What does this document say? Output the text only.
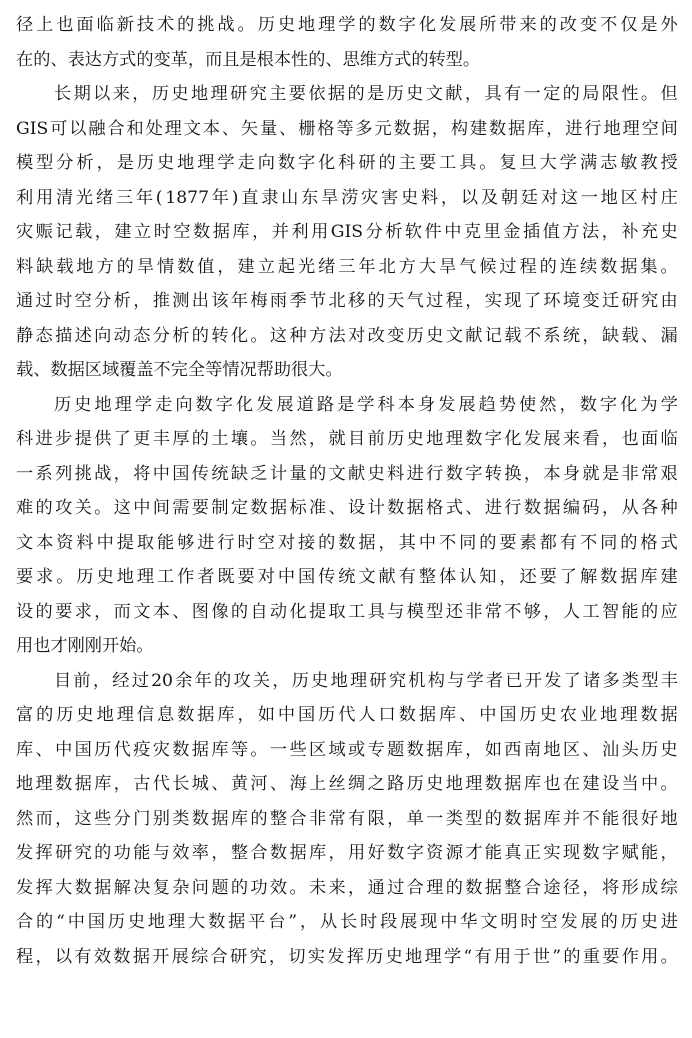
径 上 也 面 临 新 技 术 的 挑 战 。 历 史 地 理 学 的 数 字 化 发 展 所 带 来 的 改 变 不 仅 是 外
在的、表达方式的变革，而且是根本性的、思维方式的转型。
长 期 以 来 ， 历 史 地 理 研 究 主 要 依 据 的 是 历 史 文 献 ， 具 有 一 定 的 局 限 性 。 但
GIS 可 以 融 合 和 处 理 文 本 、 矢 量 、 栅 格 等 多 元 数 据 ， 构 建 数 据 库 ， 进 行 地 理 空 间
模 型 分 析 ， 是 历 史 地 理 学 走 向 数 字 化 科 研 的 主 要 工 具 。 复 旦 大 学 满 志 敏 教 授
利 用 清 光 绪 三 年 ( 1877 年 ) 直 隶 山 东 旱 涝 灾 害 史 料 ， 以 及 朝 廷 对 这 一 地 区 村 庄
灾 赈 记 载 ， 建 立 时 空 数 据 库 ， 并 利 用 GIS 分 析 软 件 中 克 里 金 插 值 方 法 ， 补 充 史
料 缺 载 地 方 的 旱 情 数 值 ， 建 立 起 光 绪 三 年 北 方 大 旱 气 候 过 程 的 连 续 数 据 集 。
通 过 时 空 分 析 ， 推 测 出 该 年 梅 雨 季 节 北 移 的 天 气 过 程 ， 实 现 了 环 境 变 迁 研 究 由
静 态 描 述 向 动 态 分 析 的 转 化 。 这 种 方 法 对 改 变 历 史 文 献 记 载 不 系 统 ， 缺 载 、 漏
载、数据区域覆盖不完全等情况帮助很大。
历 史 地 理 学 走 向 数 字 化 发 展 道 路 是 学 科 本 身 发 展 趋 势 使 然 ， 数 字 化 为 学
科 进 步 提 供 了 更 丰 厚 的 土 壤 。 当 然 ， 就 目 前 历 史 地 理 数 字 化 发 展 来 看 ， 也 面 临
一 系 列 挑 战 ， 将 中 国 传 统 缺 乏 计 量 的 文 献 史 料 进 行 数 字 转 换 ， 本 身 就 是 非 常 艰
难 的 攻 关 。 这 中 间 需 要 制 定 数 据 标 准 、 设 计 数 据 格 式 、 进 行 数 据 编 码 ， 从 各 种
文 本 资 料 中 提 取 能 够 进 行 时 空 对 接 的 数 据 ， 其 中 不 同 的 要 素 都 有 不 同 的 格 式
要 求 。 历 史 地 理 工 作 者 既 要 对 中 国 传 统 文 献 有 整 体 认 知 ， 还 要 了 解 数 据 库 建
设 的 要 求 ， 而 文 本 、 图 像 的 自 动 化 提 取 工 具 与 模 型 还 非 常 不 够 ， 人 工 智 能 的 应
用也才刚刚开始。
目 前 ， 经 过 20 余 年 的 攻 关 ， 历 史 地 理 研 究 机 构 与 学 者 已 开 发 了 诸 多 类 型 丰
富 的 历 史 地 理 信 息 数 据 库 ， 如 中 国 历 代 人 口 数 据 库 、 中 国 历 史 农 业 地 理 数 据
库 、 中 国 历 代 疫 灾 数 据 库 等 。 一 些 区 域 或 专 题 数 据 库 ， 如 西 南 地 区 、 汕 头 历 史
地 理 数 据 库 ， 古 代 长 城 、 黄 河 、 海 上 丝 绸 之 路 历 史 地 理 数 据 库 也 在 建 设 当 中 。
然 而 ， 这 些 分 门 别 类 数 据 库 的 整 合 非 常 有 限 ， 单 一 类 型 的 数 据 库 并 不 能 很 好 地
发 挥 研 究 的 功 能 与 效 率 ， 整 合 数 据 库 ， 用 好 数 字 资 源 才 能 真 正 实 现 数 字 赋 能 ，
发 挥 大 数 据 解 决 复 杂 问 题 的 功 效 。 未 来 ， 通 过 合 理 的 数 据 整 合 途 径 ， 将 形 成 综
合 的 “ 中 国 历 史 地 理 大 数 据 平 台 ” ， 从 长 时 段 展 现 中 华 文 明 时 空 发 展 的 历 史 进
程 ， 以 有 效 数 据 开 展 综 合 研 究 ， 切 实 发 挥 历 史 地 理 学 “ 有 用 于 世 ” 的 重 要 作 用 。
